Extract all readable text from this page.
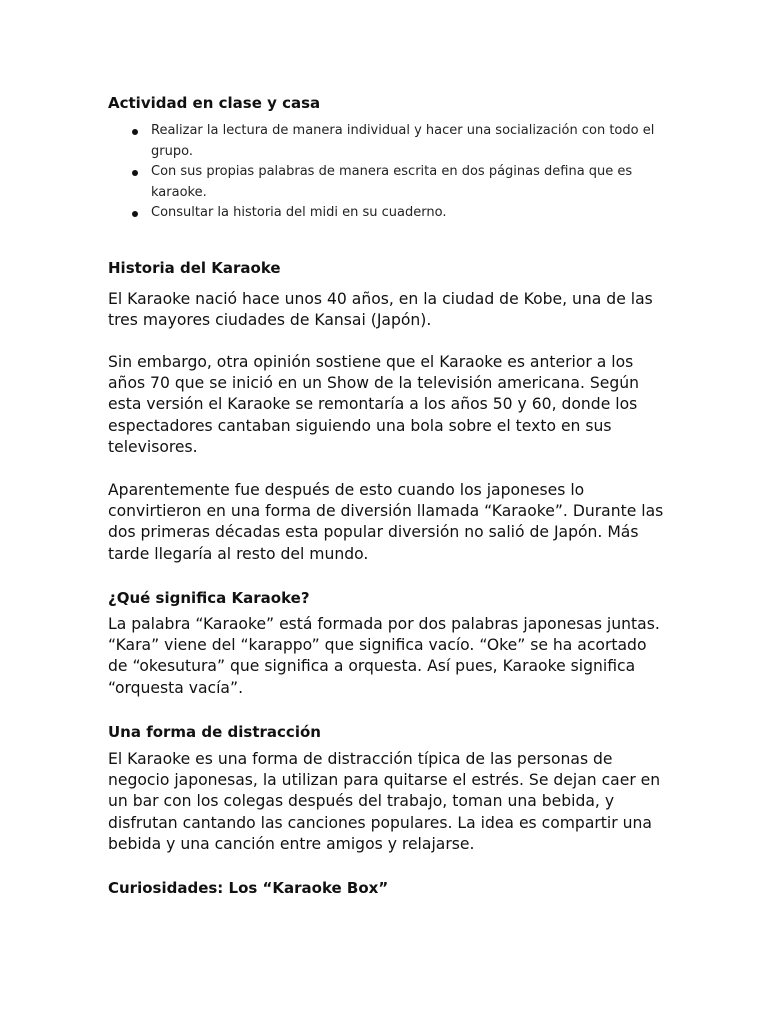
Actividad en clase y casa
Realizar la lectura de manera individual y hacer una socialización con todo el grupo.
Con sus propias palabras de manera escrita en dos páginas defina que es karaoke.
Consultar la historia del midi en su cuaderno.
Historia del Karaoke

El Karaoke nació hace unos 40 años, en la ciudad de Kobe, una de las tres mayores ciudades de Kansai (Japón).

Sin embargo, otra opinión sostiene que el Karaoke es anterior a los años 70 que se inició en un Show de la televisión americana. Según esta versión el Karaoke se remontaría a los años 50 y 60, donde los espectadores cantaban siguiendo una bola sobre el texto en sus televisores.

Aparentemente fue después de esto cuando los japoneses lo convirtieron en una forma de diversión llamada “Karaoke”. Durante las dos primeras décadas esta popular diversión no salió de Japón. Más tarde llegaría al resto del mundo.

¿Qué significa Karaoke?

La palabra “Karaoke” está formada por dos palabras japonesas juntas. “Kara” viene del “karappo” que significa vacío. “Oke” se ha acortado de “okesutura” que significa a orquesta. Así pues, Karaoke significa “orquesta vacía”.

Una forma de distracción

El Karaoke es una forma de distracción típica de las personas de negocio japonesas, la utilizan para quitarse el estrés. Se dejan caer en un bar con los colegas después del trabajo, toman una bebida, y disfrutan cantando las canciones populares. La idea es compartir una bebida y una canción entre amigos y relajarse.

Curiosidades: Los “Karaoke Box”
